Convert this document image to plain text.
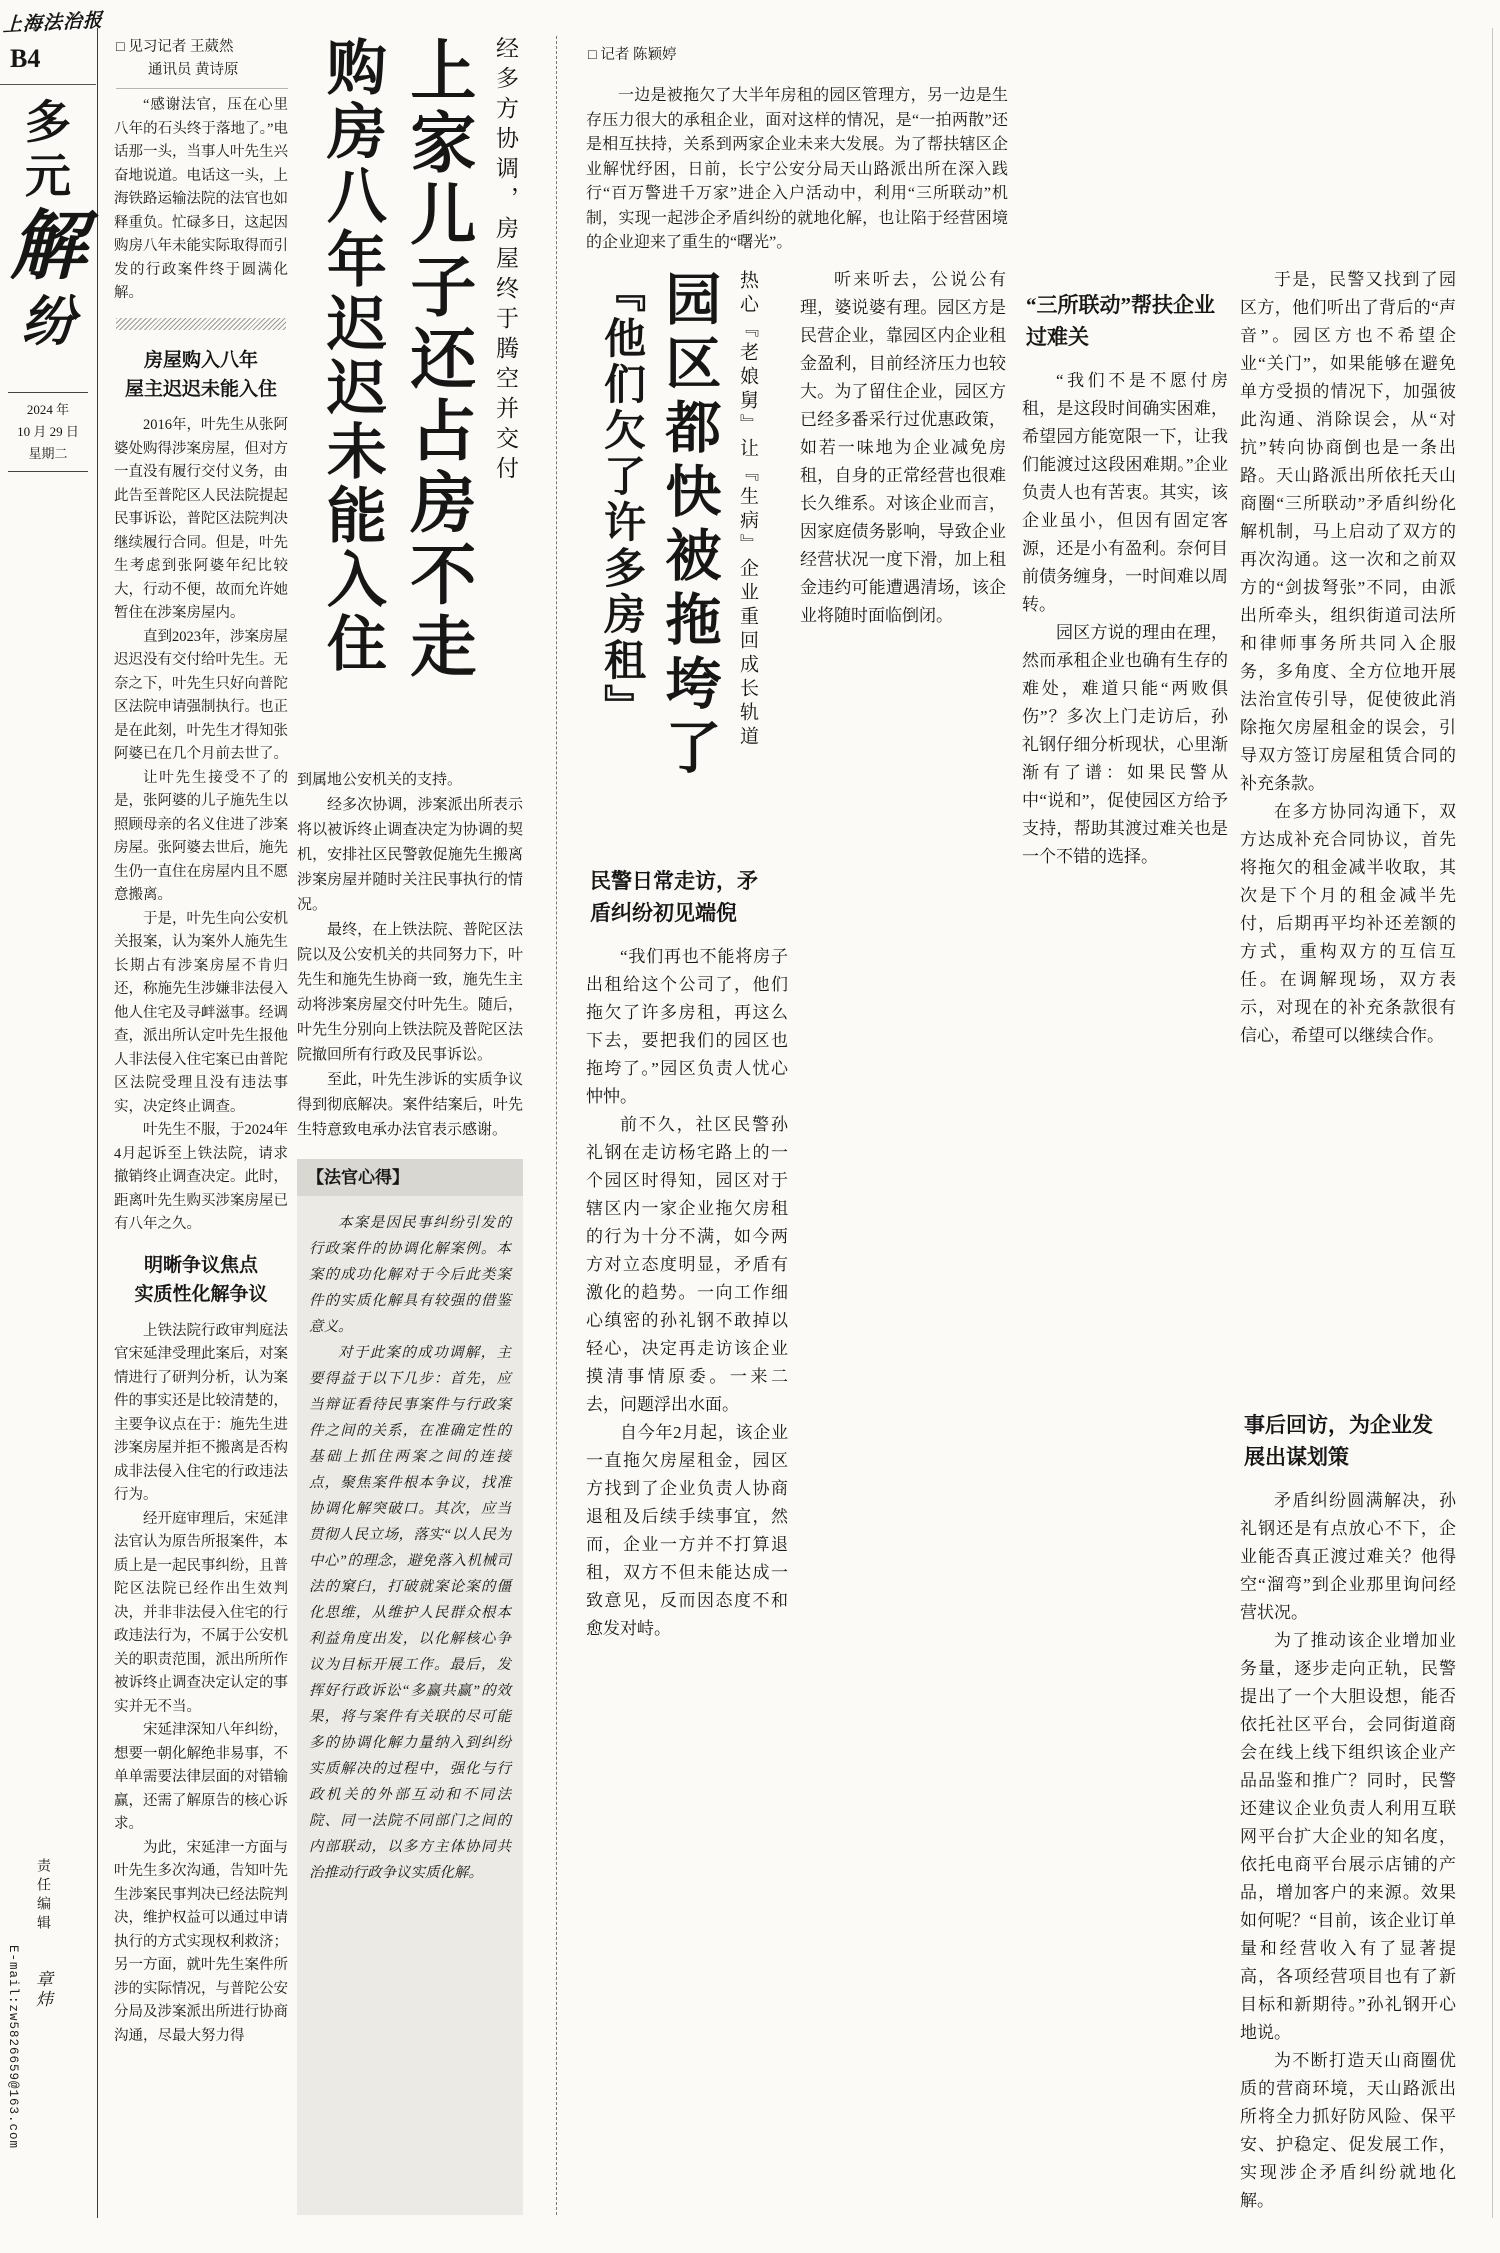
上海法治报
B4
多
元
解
纷
2024 年
10 月 29 日
星期二
责任编辑 　 章炜
E-mail:zw5826659@163.com
□ 见习记者 王葳然
通讯员 黄诗原	经多方协调，房屋终于腾空并交付
上家儿子还占房不走
购房八年迟迟未能入住

“感谢法官，压在心里八年的石头终于落地了。”电话那一头，当事人叶先生兴奋地说道。电话这一头，上海铁路运输法院的法官也如释重负。忙碌多日，这起因购房八年未能实际取得而引发的行政案件终于圆满化解。

房屋购入八年
屋主迟迟未能入住

2016年，叶先生从张阿婆处购得涉案房屋，但对方一直没有履行交付义务，由此告至普陀区人民法院提起民事诉讼，普陀区法院判决继续履行合同。但是，叶先生考虑到张阿婆年纪比较大，行动不便，故而允许她暂住在涉案房屋内。

直到2023年，涉案房屋迟迟没有交付给叶先生。无奈之下，叶先生只好向普陀区法院申请强制执行。也正是在此刻，叶先生才得知张阿婆已在几个月前去世了。

让叶先生接受不了的是，张阿婆的儿子施先生以照顾母亲的名义住进了涉案房屋。张阿婆去世后，施先生仍一直住在房屋内且不愿意搬离。

于是，叶先生向公安机关报案，认为案外人施先生长期占有涉案房屋不肯归还，称施先生涉嫌非法侵入他人住宅及寻衅滋事。经调查，派出所认定叶先生报他人非法侵入住宅案已由普陀区法院受理且没有违法事实，决定终止调查。

叶先生不服，于2024年4月起诉至上铁法院，请求撤销终止调查决定。此时，距离叶先生购买涉案房屋已有八年之久。

明晰争议焦点
实质性化解争议

上铁法院行政审判庭法官宋延津受理此案后，对案情进行了研判分析，认为案件的事实还是比较清楚的，主要争议点在于：施先生进涉案房屋并拒不搬离是否构成非法侵入住宅的行政违法行为。

经开庭审理后，宋延津法官认为原告所报案件，本质上是一起民事纠纷，且普陀区法院已经作出生效判决，并非非法侵入住宅的行政违法行为，不属于公安机关的职责范围，派出所所作被诉终止调查决定认定的事实并无不当。

宋延津深知八年纠纷，想要一朝化解绝非易事，不单单需要法律层面的对错输赢，还需了解原告的核心诉求。

为此，宋延津一方面与叶先生多次沟通，告知叶先生涉案民事判决已经法院判决，维护权益可以通过申请执行的方式实现权利救济；另一方面，就叶先生案件所涉的实际情况，与普陀公安分局及涉案派出所进行协商沟通，尽最大努力得

到属地公安机关的支持。

经多次协调，涉案派出所表示将以被诉终止调查决定为协调的契机，安排社区民警敦促施先生搬离涉案房屋并随时关注民事执行的情况。

最终，在上铁法院、普陀区法院以及公安机关的共同努力下，叶先生和施先生协商一致，施先生主动将涉案房屋交付叶先生。随后，叶先生分别向上铁法院及普陀区法院撤回所有行政及民事诉讼。

至此，叶先生涉诉的实质争议得到彻底解决。案件结案后，叶先生特意致电承办法官表示感谢。

【法官心得】

本案是因民事纠纷引发的行政案件的协调化解案例。本案的成功化解对于今后此类案件的实质化解具有较强的借鉴意义。

对于此案的成功调解，主要得益于以下几步：首先，应当辩证看待民事案件与行政案件之间的关系，在准确定性的基础上抓住两案之间的连接点，聚焦案件根本争议，找准协调化解突破口。其次，应当贯彻人民立场，落实“以人民为中心”的理念，避免落入机械司法的窠臼，打破就案论案的僵化思维，从维护人民群众根本利益角度出发，以化解核心争议为目标开展工作。最后，发挥好行政诉讼“多赢共赢”的效果，将与案件有关联的尽可能多的协调化解力量纳入到纠纷实质解决的过程中，强化与行政机关的外部互动和不同法院、同一法院不同部门之间的内部联动，以多方主体协同共治推动行政争议实质化解。

□ 记者 陈颖婷

一边是被拖欠了大半年房租的园区管理方，另一边是生存压力很大的承租企业，面对这样的情况，是“一拍两散”还是相互扶持，关系到两家企业未来大发展。为了帮扶辖区企业解忧纾困，日前，长宁公安分局天山路派出所在深入践行“百万警进千万家”进企入户活动中，利用“三所联动”机制，实现一起涉企矛盾纠纷的就地化解，也让陷于经营困境的企业迎来了重生的“曙光”。

热心『老娘舅』让『生病』企业重回成长轨道
园区都快被拖垮了
『他们欠了许多房租』
民警日常走访，矛
盾纠纷初见端倪

“我们再也不能将房子出租给这个公司了，他们拖欠了许多房租，再这么下去，要把我们的园区也拖垮了。”园区负责人忧心忡忡。

前不久，社区民警孙礼钢在走访杨宅路上的一个园区时得知，园区对于辖区内一家企业拖欠房租的行为十分不满，如今两方对立态度明显，矛盾有激化的趋势。一向工作细心缜密的孙礼钢不敢掉以轻心，决定再走访该企业摸清事情原委。一来二去，问题浮出水面。

自今年2月起，该企业一直拖欠房屋租金，园区方找到了企业负责人协商退租及后续手续事宜，然而，企业一方并不打算退租，双方不但未能达成一致意见，反而因态度不和愈发对峙。

听来听去，公说公有理，婆说婆有理。园区方是民营企业，靠园区内企业租金盈利，目前经济压力也较大。为了留住企业，园区方已经多番采行过优惠政策，如若一味地为企业减免房租，自身的正常经营也很难长久维系。对该企业而言，因家庭债务影响，导致企业经营状况一度下滑，加上租金违约可能遭遇清场，该企业将随时面临倒闭。

“三所联动”帮扶企业
过难关

“我们不是不愿付房租，是这段时间确实困难，希望园方能宽限一下，让我们能渡过这段困难期。”企业负责人也有苦衷。其实，该企业虽小，但因有固定客源，还是小有盈利。奈何目前债务缠身，一时间难以周转。

园区方说的理由在理，然而承租企业也确有生存的难处，难道只能“两败俱伤”？多次上门走访后，孙礼钢仔细分析现状，心里渐渐有了谱：如果民警从中“说和”，促使园区方给予支持，帮助其渡过难关也是一个不错的选择。

于是，民警又找到了园区方，他们听出了背后的“声音”。园区方也不希望企业“关门”，如果能够在避免单方受损的情况下，加强彼此沟通、消除误会，从“对抗”转向协商倒也是一条出路。天山路派出所依托天山商圈“三所联动”矛盾纠纷化解机制，马上启动了双方的再次沟通。这一次和之前双方的“剑拔弩张”不同，由派出所牵头，组织街道司法所和律师事务所共同入企服务，多角度、全方位地开展法治宣传引导，促使彼此消除拖欠房屋租金的误会，引导双方签订房屋租赁合同的补充条款。

在多方协同沟通下，双方达成补充合同协议，首先将拖欠的租金减半收取，其次是下个月的租金减半先付，后期再平均补还差额的方式，重构双方的互信互任。在调解现场，双方表示，对现在的补充条款很有信心，希望可以继续合作。

事后回访，为企业发
展出谋划策

矛盾纠纷圆满解决，孙礼钢还是有点放心不下，企业能否真正渡过难关？他得空“溜弯”到企业那里询问经营状况。

为了推动该企业增加业务量，逐步走向正轨，民警提出了一个大胆设想，能否依托社区平台，会同街道商会在线上线下组织该企业产品品鉴和推广？同时，民警还建议企业负责人利用互联网平台扩大企业的知名度，依托电商平台展示店铺的产品，增加客户的来源。效果如何呢？“目前，该企业订单量和经营收入有了显著提高，各项经营项目也有了新目标和新期待。”孙礼钢开心地说。

为不断打造天山商圈优质的营商环境，天山路派出所将全力抓好防风险、保平安、护稳定、促发展工作，实现涉企矛盾纠纷就地化解。
